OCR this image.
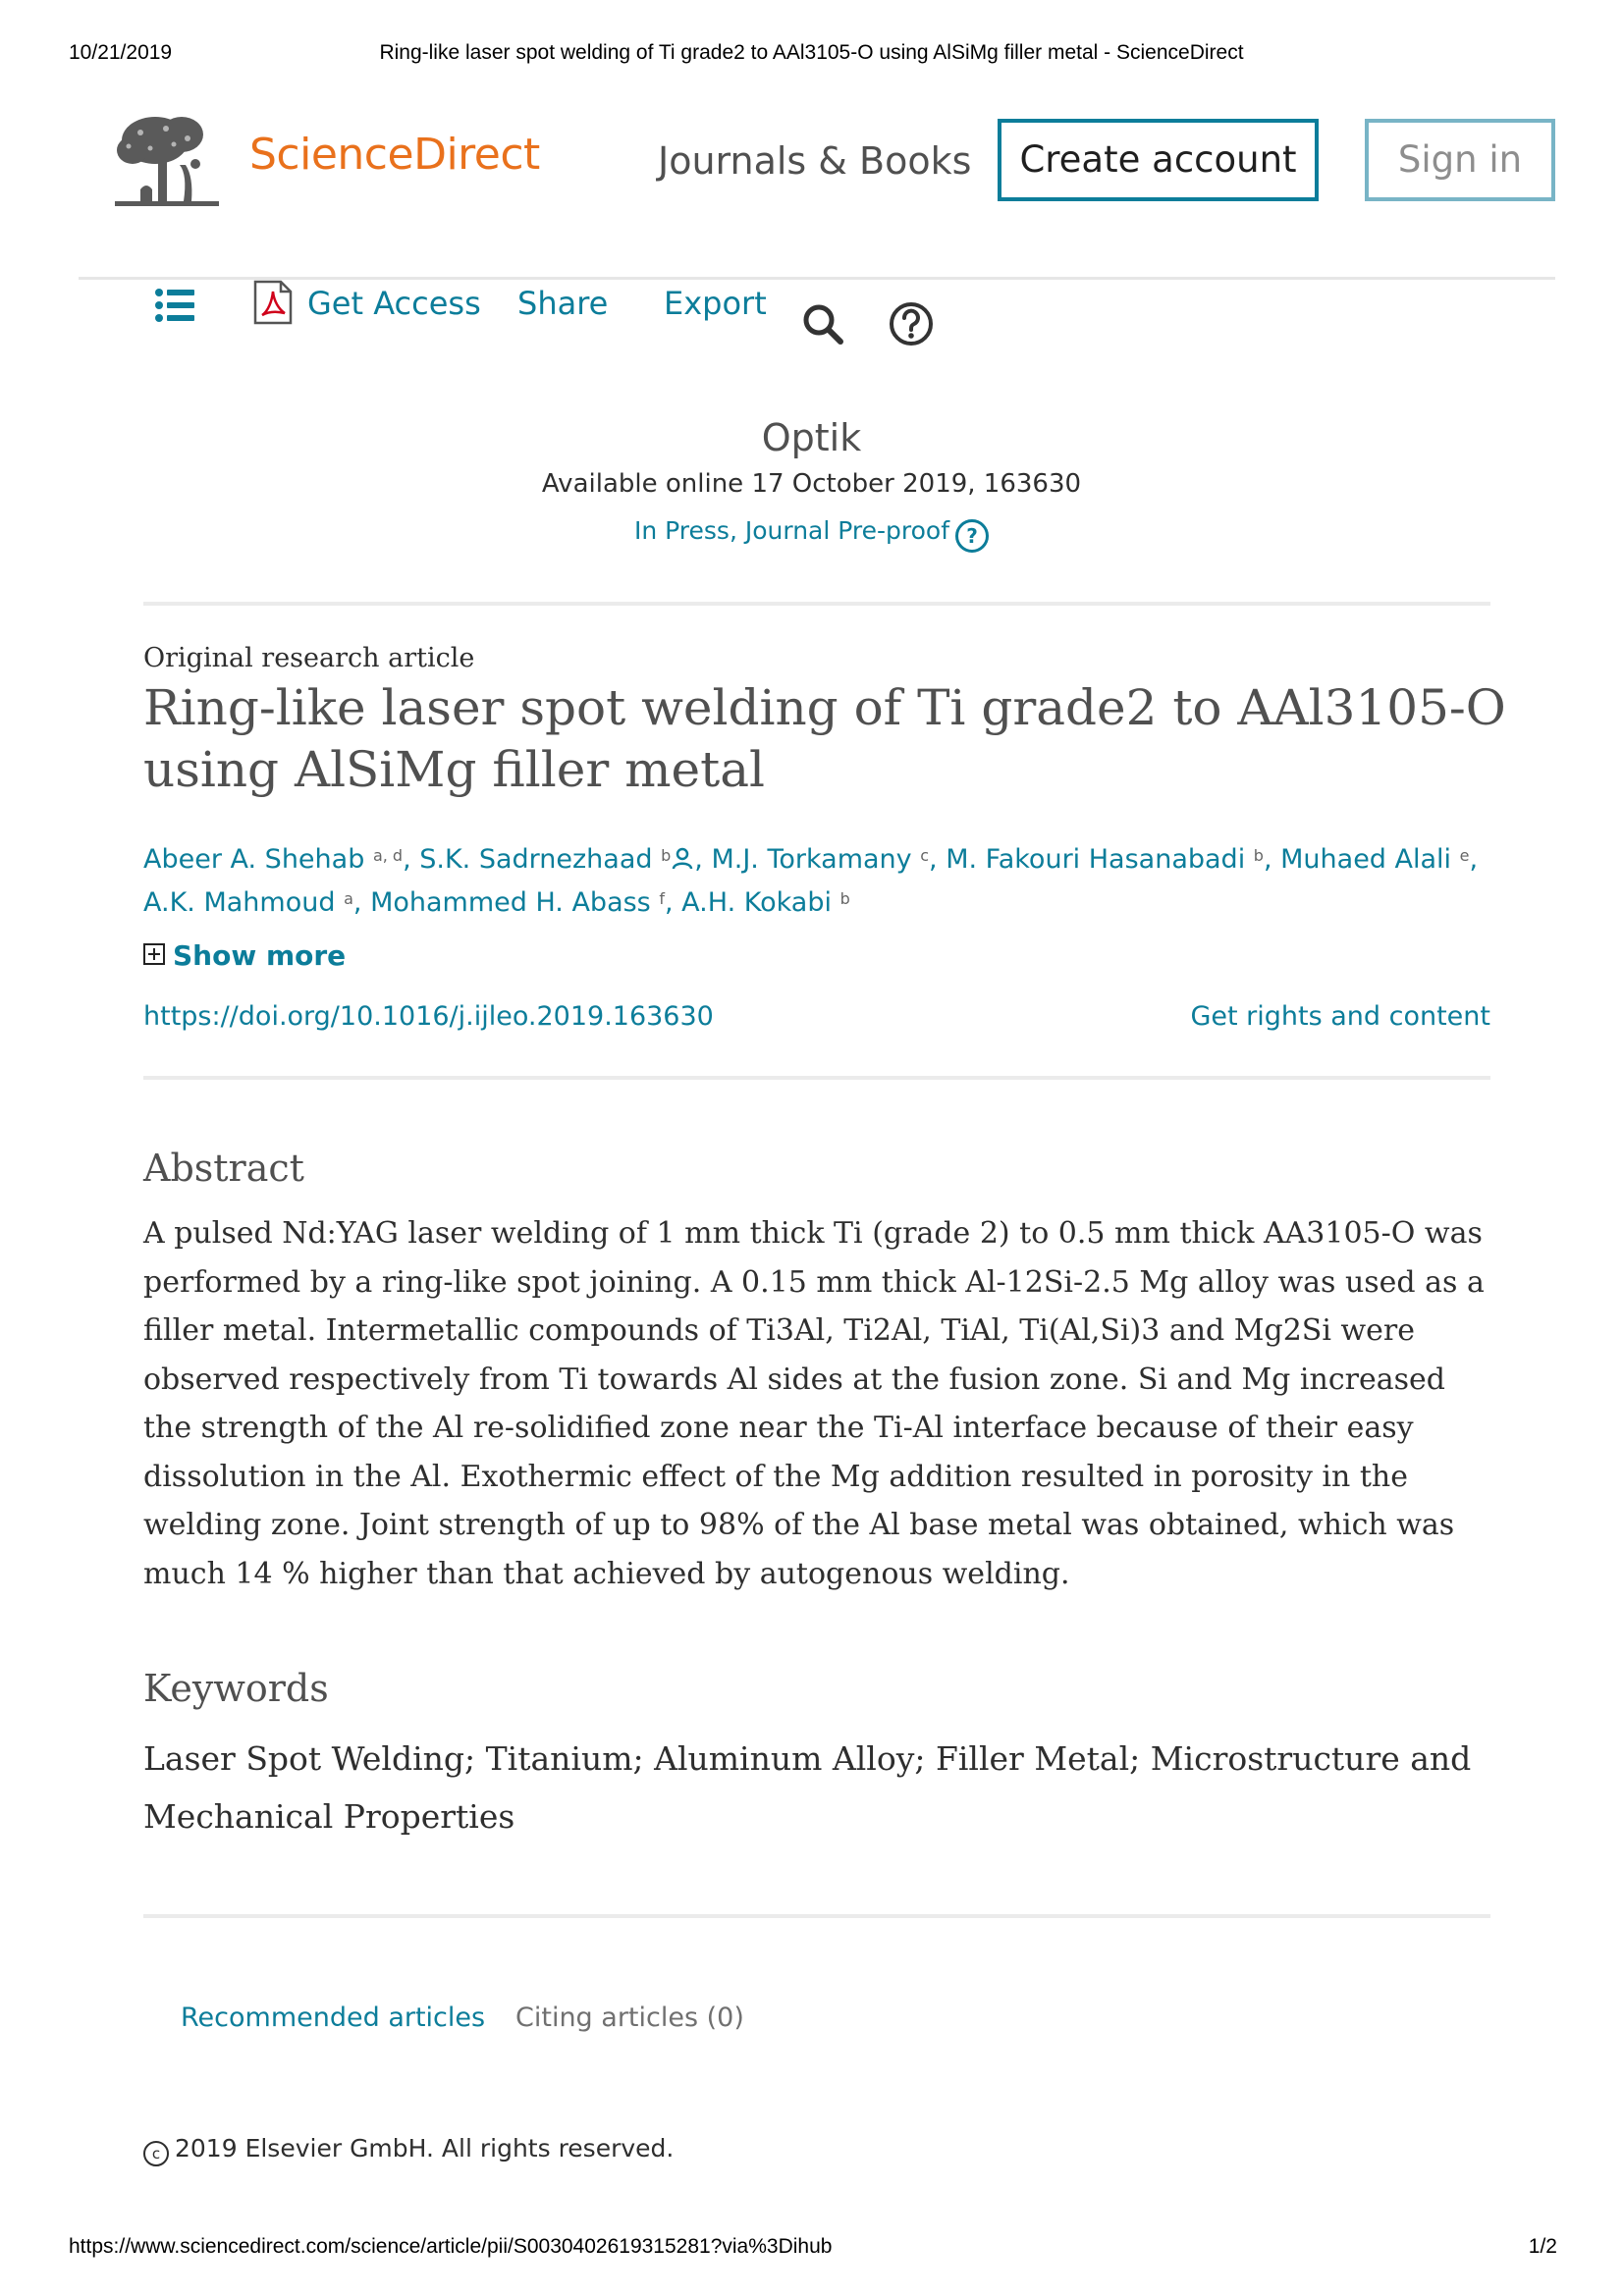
10/21/2019	Ring-like laser spot welding of Ti grade2 to AAl3105-O using AlSiMg filler metal - ScienceDirect
ScienceDirect	Journals & Books	Create account	Sign in
Get Access Share Export
Optik
Available online 17 October 2019, 163630
In Press, Journal Pre-proof ?
Original research article
Ring-like laser spot welding of Ti grade2 to AAl3105-O using AlSiMg filler metal
Abeer A. Shehab $^{a, d}$, S.K. Sadrnezhaad $^b$ , M.J. Torkamany $^c$, M. Fakouri Hasanabadi $^b$, Muhaed Alali $^e$, A.K. Mahmoud $^a$, Mohammed H. Abass $^f$, A.H. Kokabi $^b$
Show more
https://doi.org/10.1016/j.ijleo.2019.163630	Get rights and content
Abstract
A pulsed Nd:YAG laser welding of 1 mm thick Ti (grade 2) to 0.5 mm thick AA3105-O was performed by a ring-like spot joining. A 0.15 mm thick Al-12Si-2.5 Mg alloy was used as a filler metal. Intermetallic compounds of Ti3Al, Ti2Al, TiAl, Ti(Al,Si)3 and Mg2Si were observed respectively from Ti towards Al sides at the fusion zone. Si and Mg increased the strength of the Al re-solidified zone near the Ti-Al interface because of their easy dissolution in the Al. Exothermic effect of the Mg addition resulted in porosity in the welding zone. Joint strength of up to 98% of the Al base metal was obtained, which was much 14 % higher than that achieved by autogenous welding.
Keywords
Laser Spot Welding; Titanium; Aluminum Alloy; Filler Metal; Microstructure and Mechanical Properties
Recommended articles Citing articles (0)
c 2019 Elsevier GmbH. All rights reserved.
https://www.sciencedirect.com/science/article/pii/S0030402619315281?via%3Dihub	1/2
